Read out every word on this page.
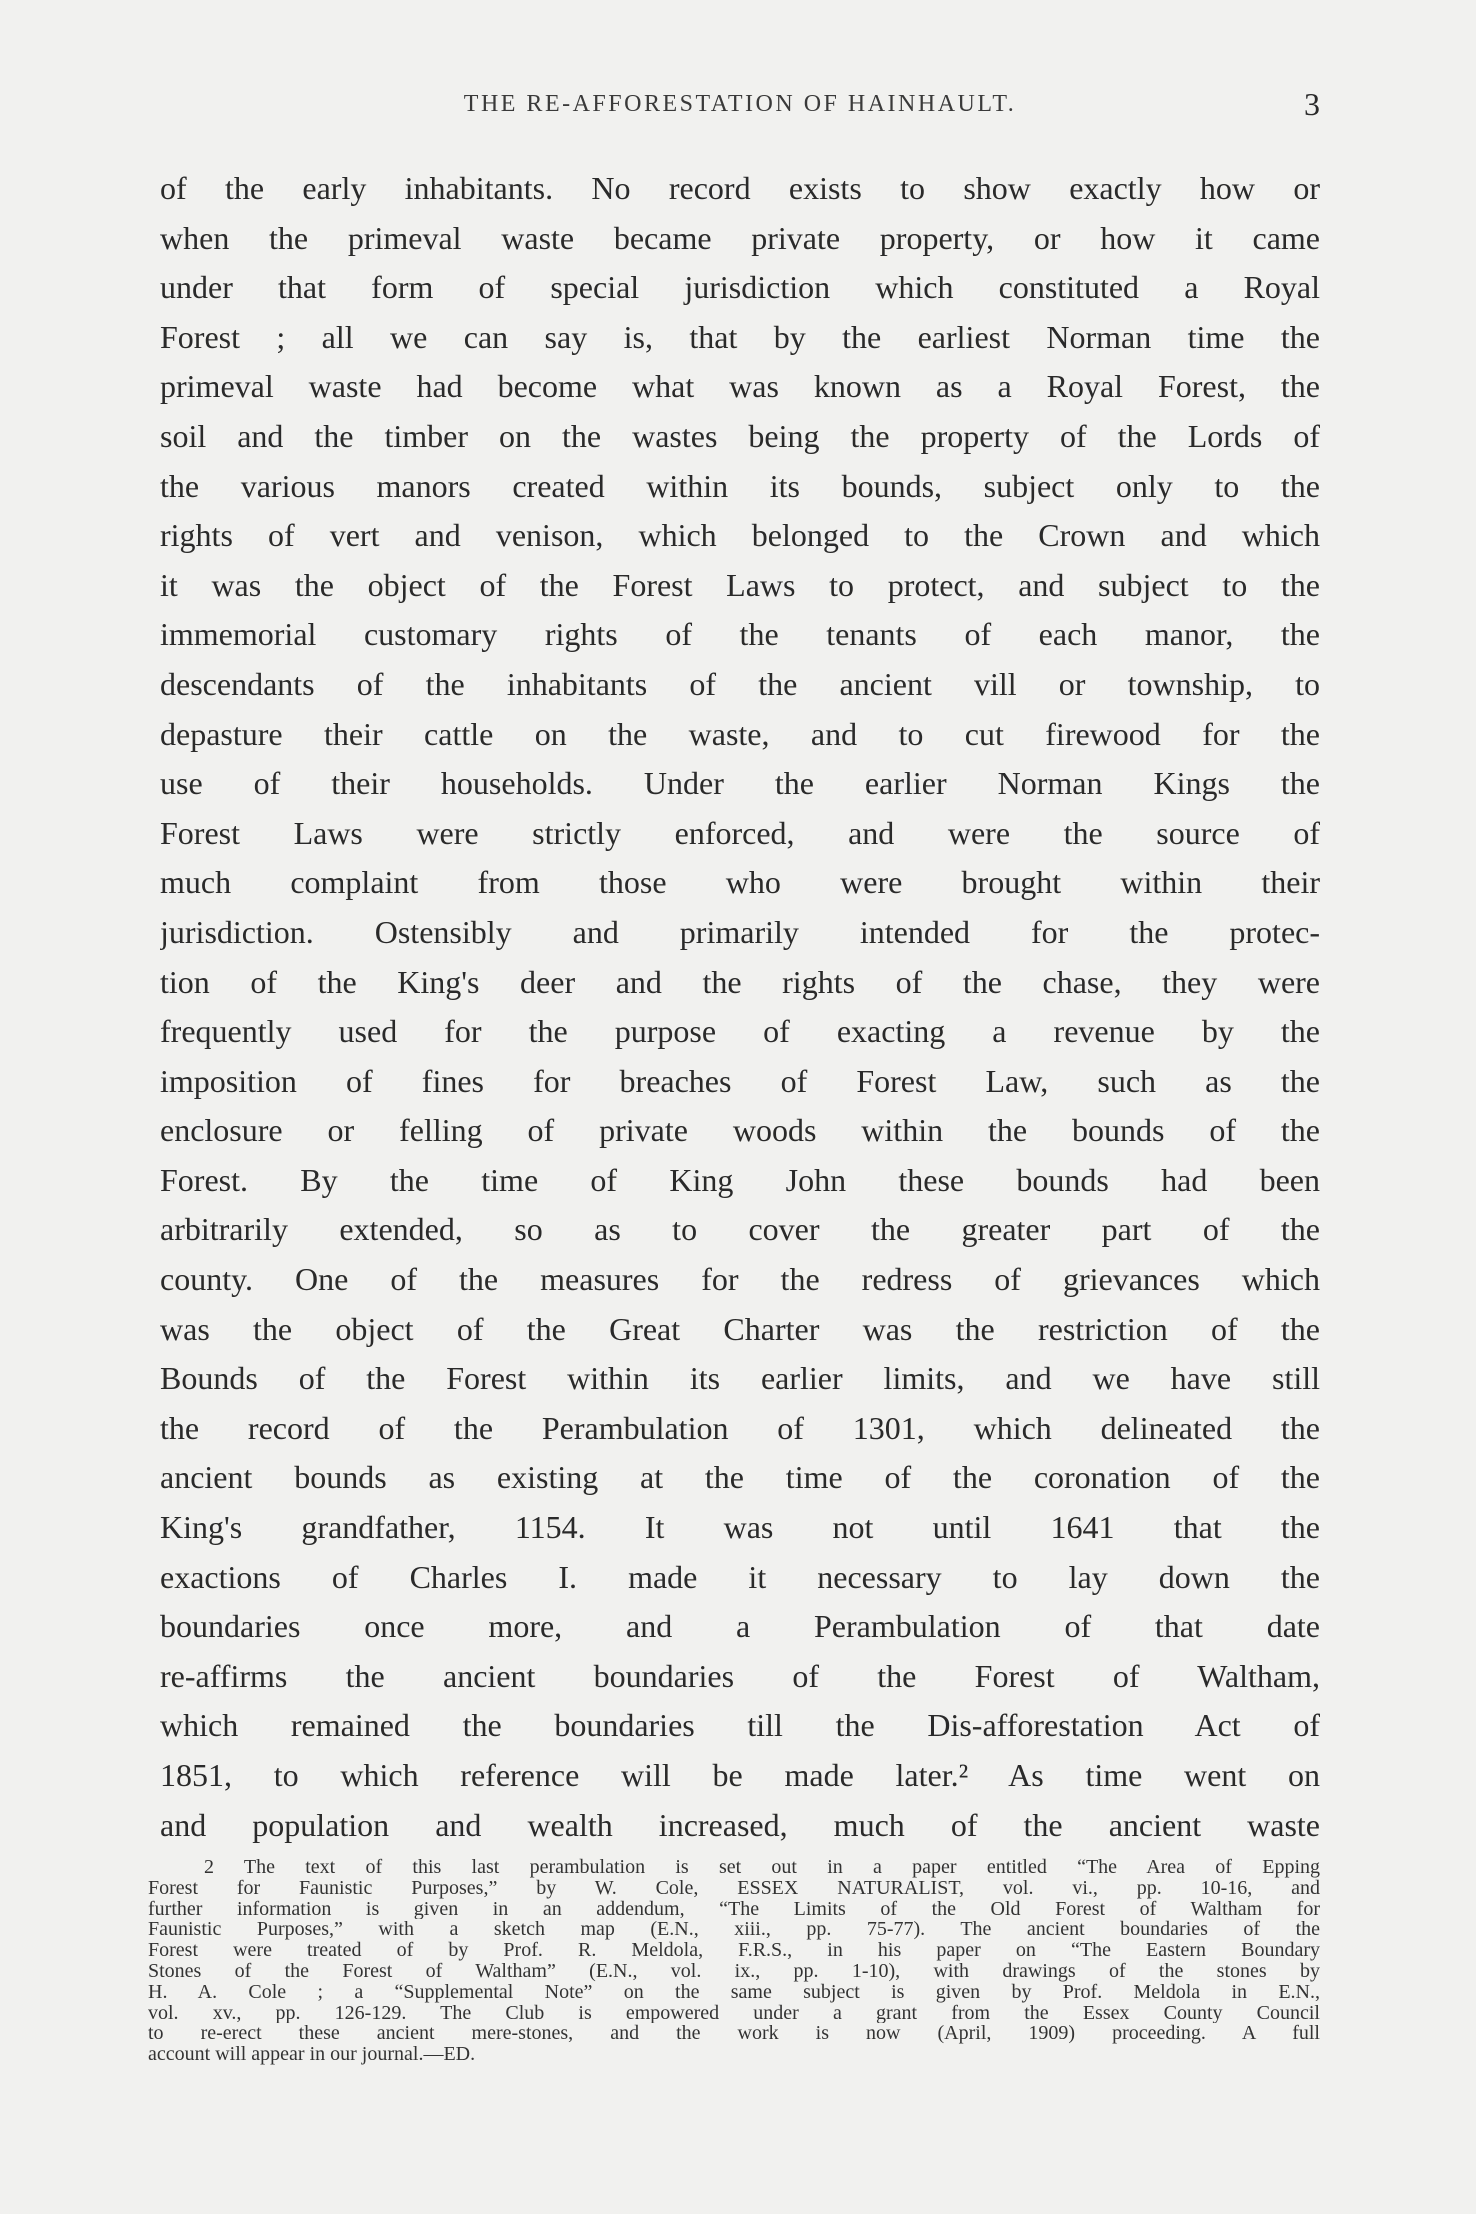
THE RE-AFFORESTATION OF HAINHAULT.	3
of the early inhabitants. No record exists to show exactly how or
when the primeval waste became private property, or how it came
under that form of special jurisdiction which constituted a Royal
Forest ; all we can say is, that by the earliest Norman time the
primeval waste had become what was known as a Royal Forest, the
soil and the timber on the wastes being the property of the Lords of
the various manors created within its bounds, subject only to the
rights of vert and venison, which belonged to the Crown and which
it was the object of the Forest Laws to protect, and subject to the
immemorial customary rights of the tenants of each manor, the
descendants of the inhabitants of the ancient vill or township, to
depasture their cattle on the waste, and to cut firewood for the
use of their households. Under the earlier Norman Kings the
Forest Laws were strictly enforced, and were the source of
much complaint from those who were brought within their
jurisdiction. Ostensibly and primarily intended for the protec-
tion of the King's deer and the rights of the chase, they were
frequently used for the purpose of exacting a revenue by the
imposition of fines for breaches of Forest Law, such as the
enclosure or felling of private woods within the bounds of the
Forest. By the time of King John these bounds had been
arbitrarily extended, so as to cover the greater part of the
county. One of the measures for the redress of grievances which
was the object of the Great Charter was the restriction of the
Bounds of the Forest within its earlier limits, and we have still
the record of the Perambulation of 1301, which delineated the
ancient bounds as existing at the time of the coronation of the
King's grandfather, 1154. It was not until 1641 that the
exactions of Charles I. made it necessary to lay down the
boundaries once more, and a Perambulation of that date
re-affirms the ancient boundaries of the Forest of Waltham,
which remained the boundaries till the Dis-afforestation Act of
1851, to which reference will be made later.² As time went on
and population and wealth increased, much of the ancient waste
2 The text of this last perambulation is set out in a paper entitled “The Area of Epping
Forest for Faunistic Purposes,” by W. Cole, ESSEX NATURALIST, vol. vi., pp. 10-16, and
further information is given in an addendum, “The Limits of the Old Forest of Waltham for
Faunistic Purposes,” with a sketch map (E.N., xiii., pp. 75-77). The ancient boundaries of the
Forest were treated of by Prof. R. Meldola, F.R.S., in his paper on “The Eastern Boundary
Stones of the Forest of Waltham” (E.N., vol. ix., pp. 1-10), with drawings of the stones by
H. A. Cole ; a “Supplemental Note” on the same subject is given by Prof. Meldola in E.N.,
vol. xv., pp. 126-129. The Club is empowered under a grant from the Essex County Council
to re-erect these ancient mere-stones, and the work is now (April, 1909) proceeding. A full
account will appear in our journal.—ED.
